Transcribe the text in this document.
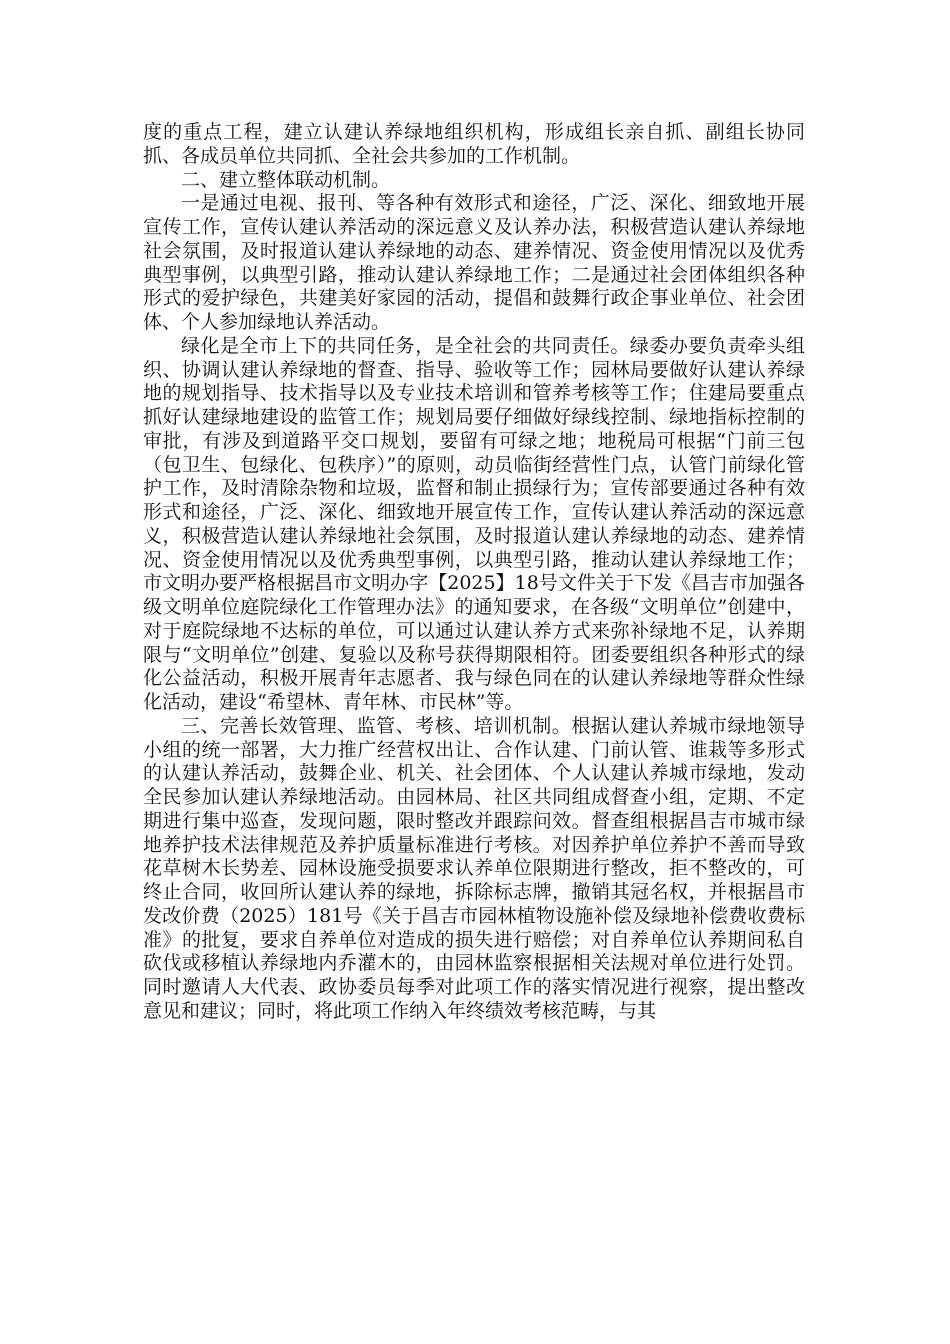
度的重点工程，建立认建认养绿地组织机构，形成组长亲自抓、副组长协同抓、各成员单位共同抓、全社会共参加的工作机制。

二、建立整体联动机制。

一是通过电视、报刊、等各种有效形式和途径，广泛、深化、细致地开展宣传工作，宣传认建认养活动的深远意义及认养办法，积极营造认建认养绿地社会氛围，及时报道认建认养绿地的动态、建养情况、资金使用情况以及优秀典型事例，以典型引路，推动认建认养绿地工作；二是通过社会团体组织各种形式的爱护绿色，共建美好家园的活动，提倡和鼓舞行政企事业单位、社会团体、个人参加绿地认养活动。

绿化是全市上下的共同任务，是全社会的共同责任。绿委办要负责牵头组织、协调认建认养绿地的督查、指导、验收等工作；园林局要做好认建认养绿地的规划指导、技术指导以及专业技术培训和管养考核等工作；住建局要重点抓好认建绿地建设的监管工作；规划局要仔细做好绿线控制、绿地指标控制的审批，有涉及到道路平交口规划，要留有可绿之地；地税局可根据“门前三包（包卫生、包绿化、包秩序）”的原则，动员临街经营性门点，认管门前绿化管护工作，及时清除杂物和垃圾，监督和制止损绿行为；宣传部要通过各种有效形式和途径，广泛、深化、细致地开展宣传工作，宣传认建认养活动的深远意义，积极营造认建认养绿地社会氛围，及时报道认建认养绿地的动态、建养情况、资金使用情况以及优秀典型事例，以典型引路，推动认建认养绿地工作；市文明办要严格根据昌市文明办字【2025】18号文件关于下发《昌吉市加强各级文明单位庭院绿化工作管理办法》的通知要求，在各级“文明单位”创建中，对于庭院绿地不达标的单位，可以通过认建认养方式来弥补绿地不足，认养期限与“文明单位”创建、复验以及称号获得期限相符。团委要组织各种形式的绿化公益活动，积极开展青年志愿者、我与绿色同在的认建认养绿地等群众性绿化活动，建设“希望林、青年林、市民林”等。

三、完善长效管理、监管、考核、培训机制。根据认建认养城市绿地领导小组的统一部署，大力推广经营权出让、合作认建、门前认管、谁栽等多形式的认建认养活动，鼓舞企业、机关、社会团体、个人认建认养城市绿地，发动全民参加认建认养绿地活动。由园林局、社区共同组成督查小组，定期、不定期进行集中巡查，发现问题，限时整改并跟踪问效。督查组根据昌吉市城市绿地养护技术法律规范及养护质量标准进行考核。对因养护单位养护不善而导致花草树木长势差、园林设施受损要求认养单位限期进行整改，拒不整改的，可终止合同，收回所认建认养的绿地，拆除标志牌，撤销其冠名权，并根据昌市发改价费（2025）181号《关于昌吉市园林植物设施补偿及绿地补偿费收费标准》的批复，要求自养单位对造成的损失进行赔偿；对自养单位认养期间私自砍伐或移植认养绿地内乔灌木的，由园林监察根据相关法规对单位进行处罚。同时邀请人大代表、政协委员每季对此项工作的落实情况进行视察，提出整改意见和建议；同时，将此项工作纳入年终绩效考核范畴，与其
